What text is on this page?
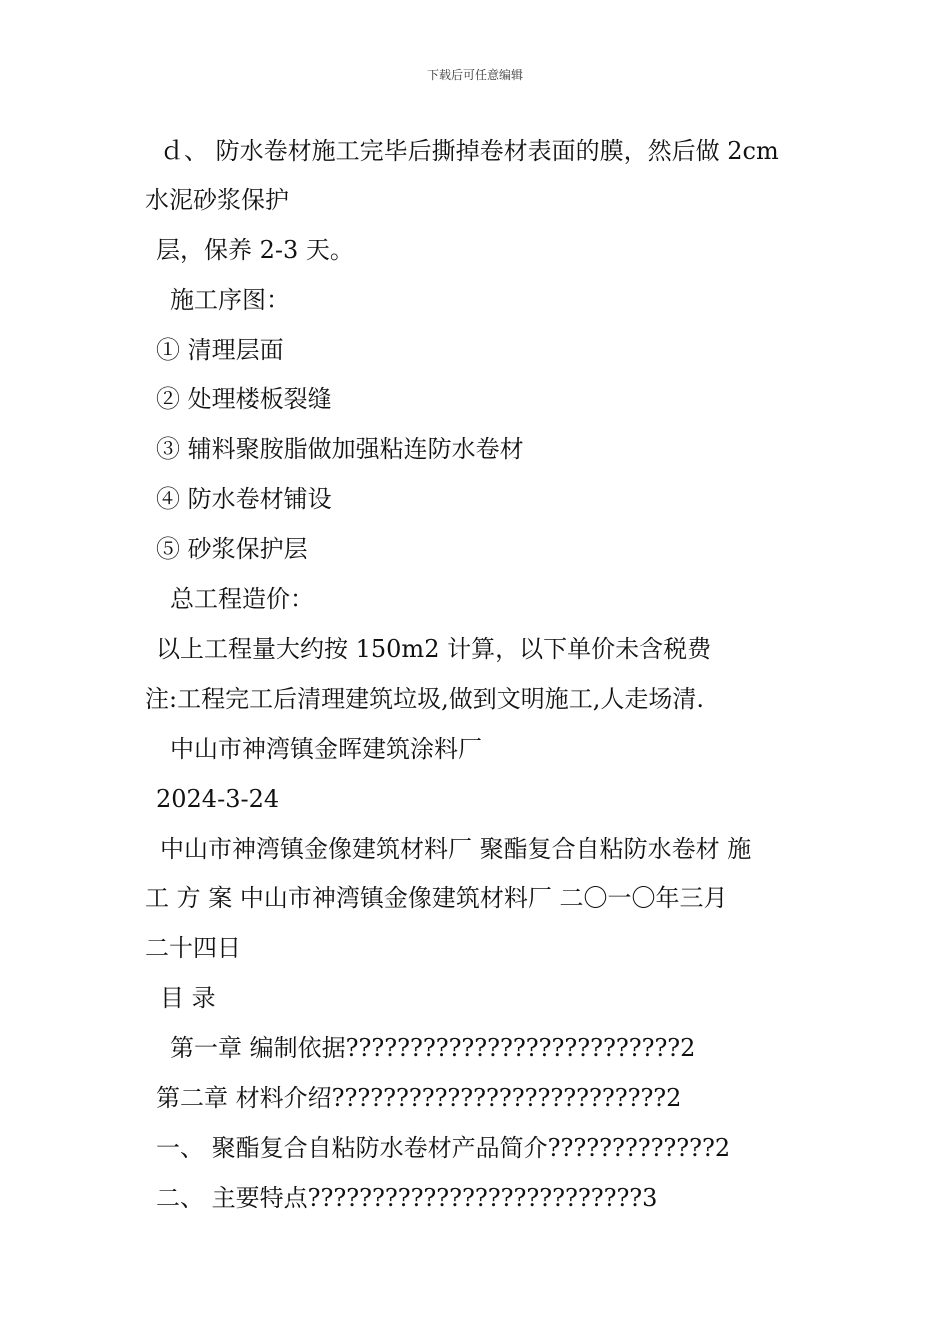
下载后可任意编辑
ｄ、 防水卷材施工完毕后撕掉卷材表面的膜，然后做 2cm
水泥砂浆保护
层，保养 2-3 天。
施工序图：
① 清理层面
② 处理楼板裂缝
③ 辅料聚胺脂做加强粘连防水卷材
④ 防水卷材铺设
⑤ 砂浆保护层
总工程造价：
以上工程量大约按 150m2 计算，以下单价未含税费
注:工程完工后清理建筑垃圾,做到文明施工,人走场清.
中山市神湾镇金晖建筑涂料厂
2024-3-24
中山市神湾镇金像建筑材料厂 聚酯复合自粘防水卷材 施
工 方 案 中山市神湾镇金像建筑材料厂 二〇一〇年三月
二十四日
目 录
第一章 编制依据??????????????????????????2
第二章 材料介绍??????????????????????????2
一、 聚酯复合自粘防水卷材产品简介?????????????2
二、 主要特点??????????????????????????3
